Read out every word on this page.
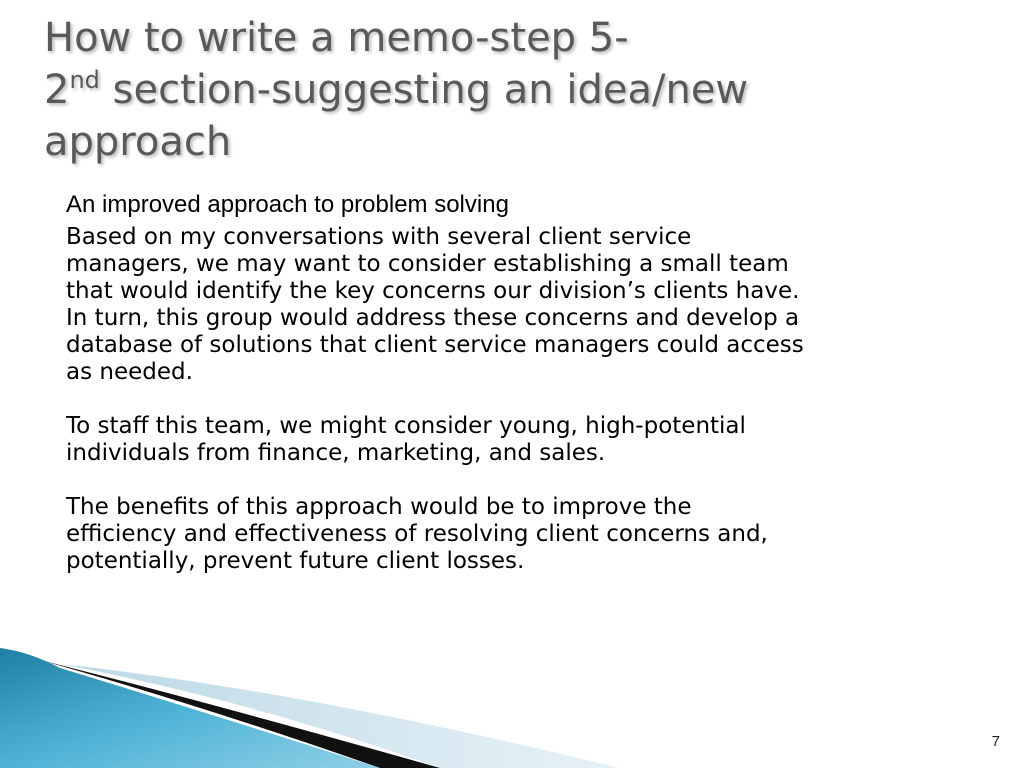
How to write a memo-step 5-
2nd section-suggesting an idea/new
approach
An improved approach to problem solving

Based on my conversations with several client service
managers, we may want to consider establishing a small team
that would identify the key concerns our division’s clients have.
In turn, this group would address these concerns and develop a
database of solutions that client service managers could access
as needed.

To staff this team, we might consider young, high-potential
individuals from finance, marketing, and sales.

The benefits of this approach would be to improve the
efficiency and effectiveness of resolving client concerns and,
potentially, prevent future client losses.

7
